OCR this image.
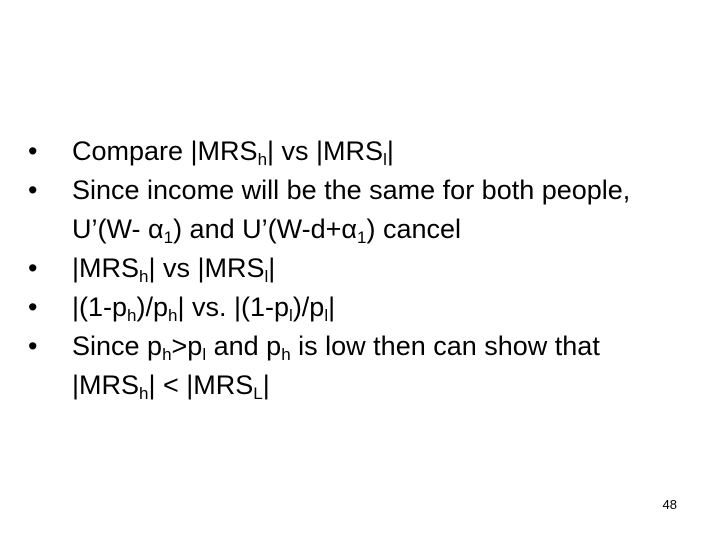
•	Compare $|MRS_h|$ vs $|MRS_l|$
•	Since income will be the same for both people, U’(W- $\alpha_1$) and $U’(W-d+\alpha_1)$ cancel
•	$|MRS_h|$ vs $|MRS_l|$
•	$|(1-p_h)/p_h|$ vs. $|(1-p_l)/p_l|$
•	Since $p_h>p_l$ and $p_h$ is low then can show that $|MRS_h| < |MRS_L|$
48
